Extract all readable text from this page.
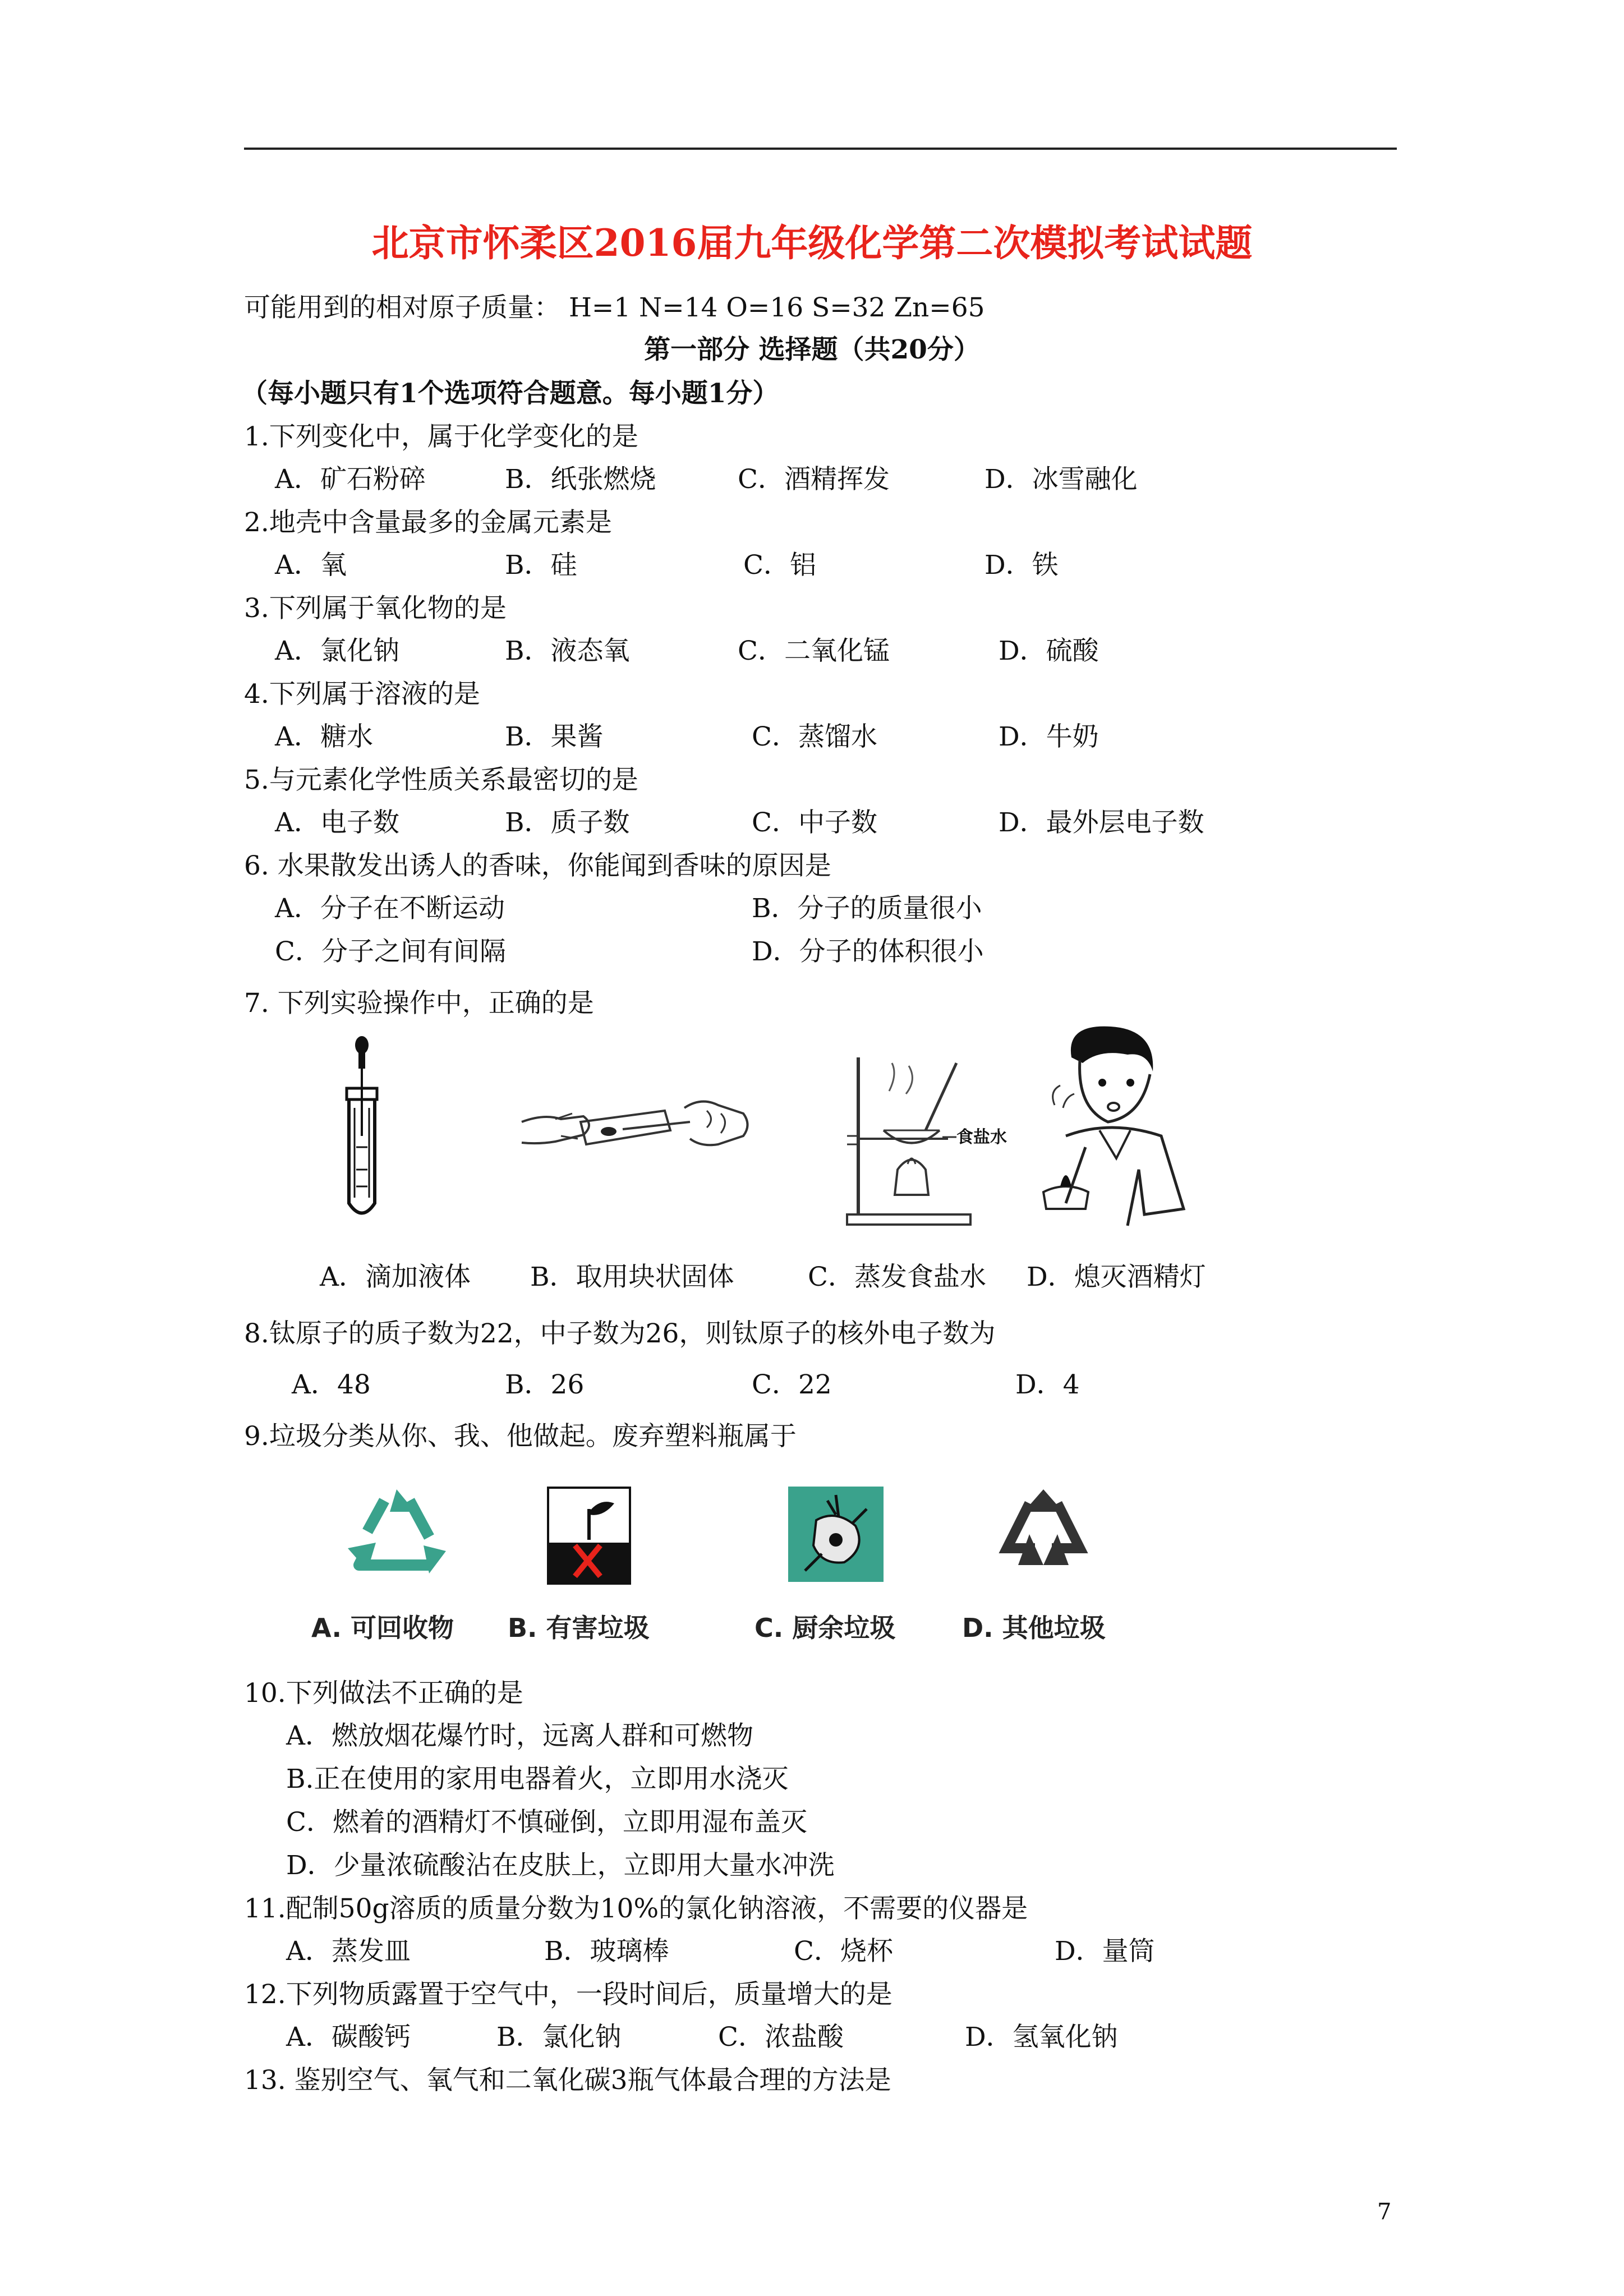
北京市怀柔区2016届九年级化学第二次模拟考试试题
可能用到的相对原子质量： H=1 N=14 O=16 S=32 Zn=65
第一部分 选择题（共20分）
（每小题只有1个选项符合题意。每小题1分）
1.下列变化中，属于化学变化的是
A．矿石粉碎	B．纸张燃烧	C．酒精挥发	D．冰雪融化
2.地壳中含量最多的金属元素是
A．氧	B．硅	C．铝	D．铁
3.下列属于氧化物的是
A．氯化钠	B．液态氧	C．二氧化锰	D．硫酸
4.下列属于溶液的是
A．糖水	B．果酱	C．蒸馏水	D．牛奶
5.与元素化学性质关系最密切的是
A．电子数	B．质子数	C．中子数	D．最外层电子数
6. 水果散发出诱人的香味，你能闻到香味的原因是
A．分子在不断运动	B．分子的质量很小
C．分子之间有间隔	D．分子的体积很小
7. 下列实验操作中，正确的是
食盐水
A．滴加液体 B．取用块状固体	C．蒸发食盐水 D．熄灭酒精灯
8.钛原子的质子数为22，中子数为26，则钛原子的核外电子数为
A．48	B．26	C．22	D．4
9.垃圾分类从你、我、他做起。废弃塑料瓶属于
A. 可回收物 B. 有害垃圾	C. 厨余垃圾	D. 其他垃圾
10.下列做法不正确的是
A．燃放烟花爆竹时，远离人群和可燃物
B.正在使用的家用电器着火，立即用水浇灭
C．燃着的酒精灯不慎碰倒，立即用湿布盖灭
D．少量浓硫酸沾在皮肤上，立即用大量水冲洗
11.配制50g溶质的质量分数为10%的氯化钠溶液，不需要的仪器是
A．蒸发皿	B．玻璃棒	C．烧杯	D．量筒
12.下列物质露置于空气中，一段时间后，质量增大的是
A．碳酸钙	B．氯化钠	C．浓盐酸	D．氢氧化钠
13. 鉴别空气、氧气和二氧化碳3瓶气体最合理的方法是
7
